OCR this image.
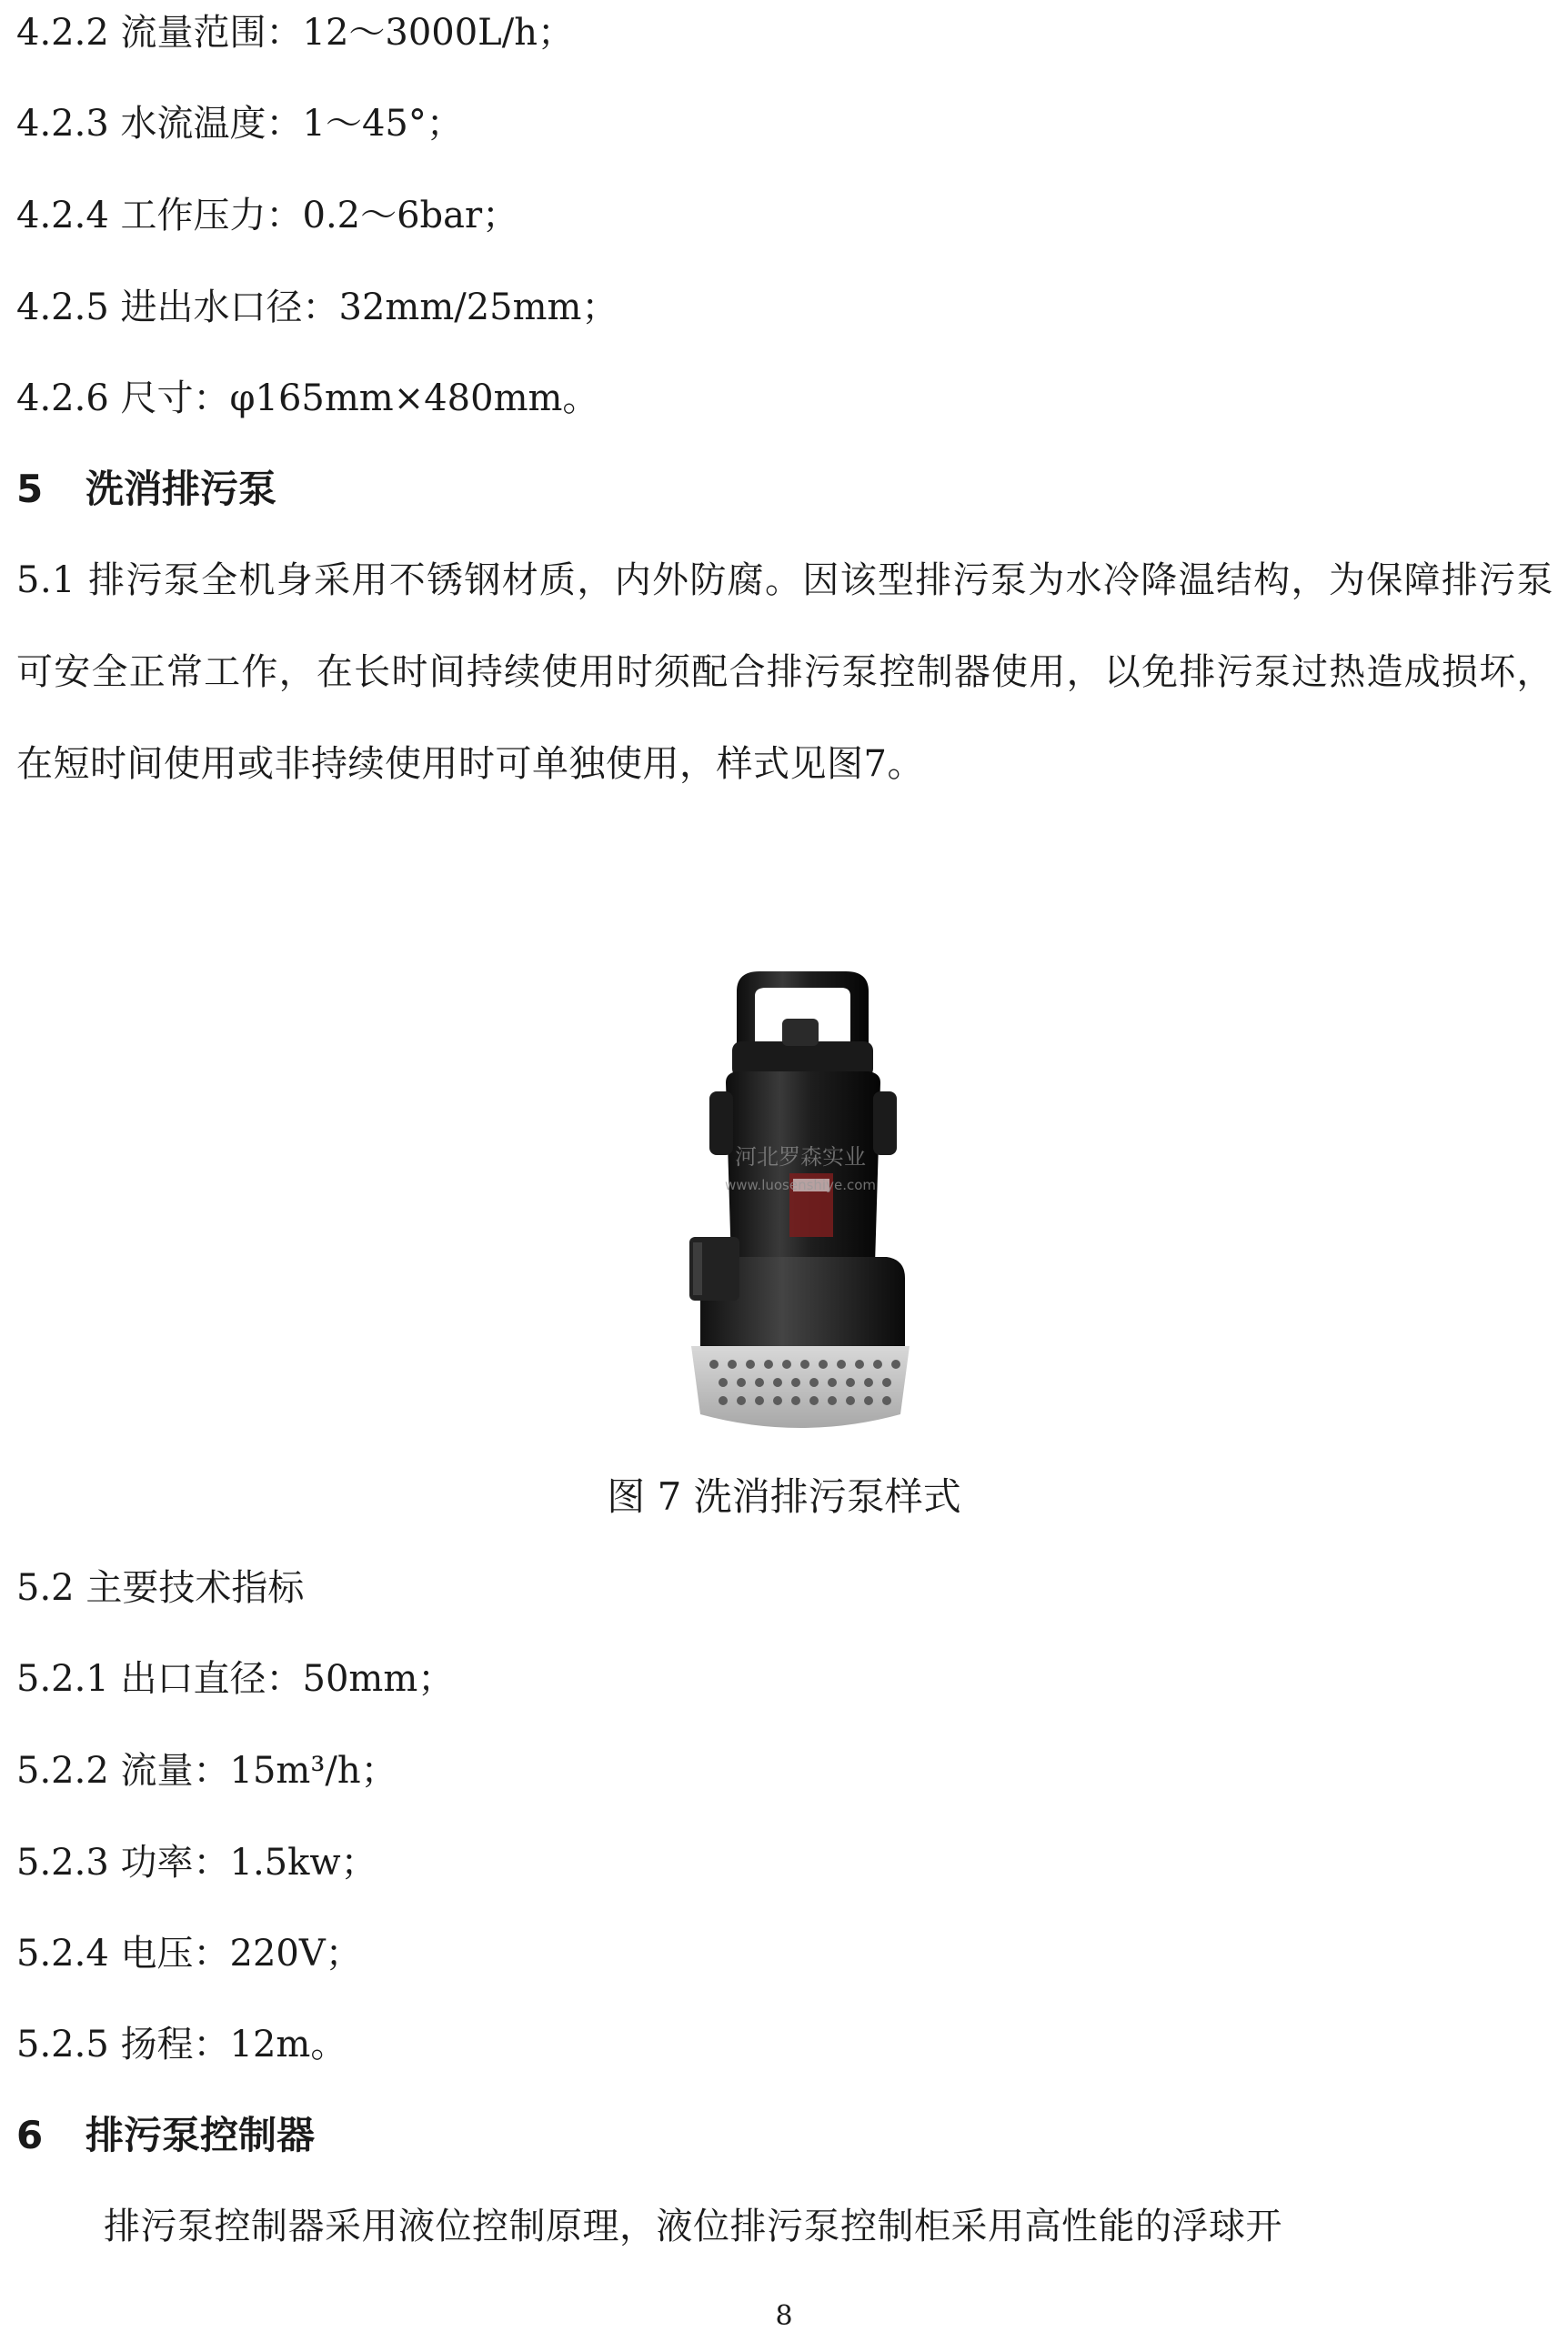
4.2.2 流量范围：12～3000L/h；

4.2.3 水流温度：1～45°；

4.2.4 工作压力：0.2～6bar；

4.2.5 进出水口径：32mm/25mm；

4.2.6 尺寸：φ165mm×480mm。

5 洗消排污泵

5.1 排污泵全机身采用不锈钢材质，内外防腐。因该型排污泵为水冷降温结构，为保障排污泵可安全正常工作，在长时间持续使用时须配合排污泵控制器使用，以免排污泵过热造成损坏，在短时间使用或非持续使用时可单独使用，样式见图7。

河北罗森实业
www.luosenshiye.com

图 7 洗消排污泵样式

5.2 主要技术指标

5.2.1 出口直径：50mm；

5.2.2 流量：15m³/h；

5.2.3 功率：1.5kw；

5.2.4 电压：220V；

5.2.5 扬程：12m。

6 排污泵控制器

排污泵控制器采用液位控制原理，液位排污泵控制柜采用高性能的浮球开

8
